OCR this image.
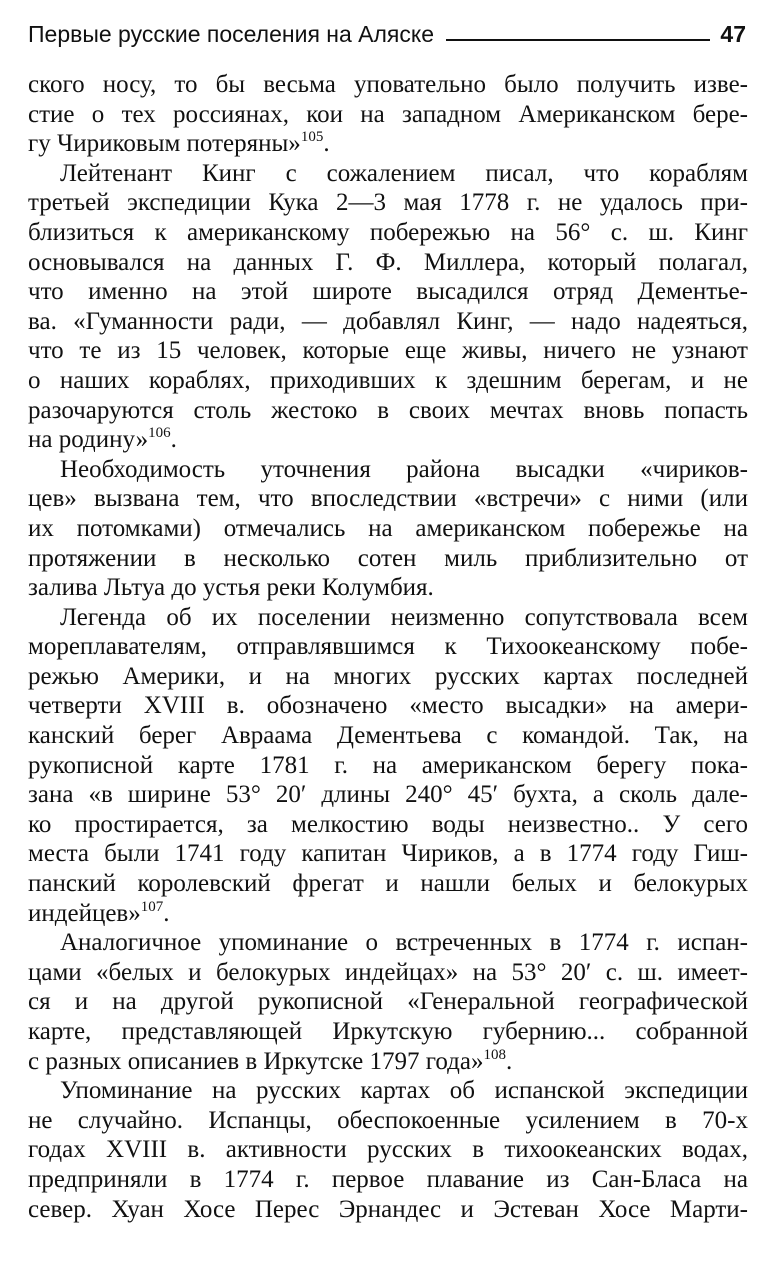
Первые русские поселения на Аляске	47

ского носу, то бы весьма уповательно было получить изве-
стие о тех россиянах, кои на западном Американском бере-
гу Чириковым потеряны»$^{105}$.

Лейтенант Кинг с сожалением писал, что кораблям
третьей экспедиции Кука 2—3 мая 1778 г. не удалось при-
близиться к американскому побережью на 56° с. ш. Кинг
основывался на данных Г. Ф. Миллера, который полагал,
что именно на этой широте высадился отряд Дементье-
ва. «Гуманности ради, — добавлял Кинг, — надо надеяться,
что те из 15 человек, которые еще живы, ничего не узнают
о наших кораблях, приходивших к здешним берегам, и не
разочаруются столь жестоко в своих мечтах вновь попасть
на родину»$^{106}$.

Необходимость уточнения района высадки «чириков-
цев» вызвана тем, что впоследствии «встречи» с ними (или
их потомками) отмечались на американском побережье на
протяжении в несколько сотен миль приблизительно от
залива Льтуа до устья реки Колумбия.

Легенда об их поселении неизменно сопутствовала всем
мореплавателям, отправлявшимся к Тихоокеанскому побе-
режью Америки, и на многих русских картах последней
четверти XVIII в. обозначено «место высадки» на амери-
канский берег Авраама Дементьева с командой. Так, на
рукописной карте 1781 г. на американском берегу пока-
зана «в ширине 53° 20′ длины 240° 45′ бухта, а сколь дале-
ко простирается, за мелкостию воды неизвестно.. У сего
места были 1741 году капитан Чириков, а в 1774 году Гиш-
панский королевский фрегат и нашли белых и белокурых
индейцев»$^{107}$.

Аналогичное упоминание о встреченных в 1774 г. испан-
цами «белых и белокурых индейцах» на 53° 20′ с. ш. имеет-
ся и на другой рукописной «Генеральной географической
карте, представляющей Иркутскую губернию... собранной
с разных описаниев в Иркутске 1797 года»$^{108}$.

Упоминание на русских картах об испанской экспедиции
не случайно. Испанцы, обеспокоенные усилением в 70-х
годах XVIII в. активности русских в тихоокеанских водах,
предприняли в 1774 г. первое плавание из Сан-Бласа на
север. Хуан Хосе Перес Эрнандес и Эстеван Хосе Марти-
